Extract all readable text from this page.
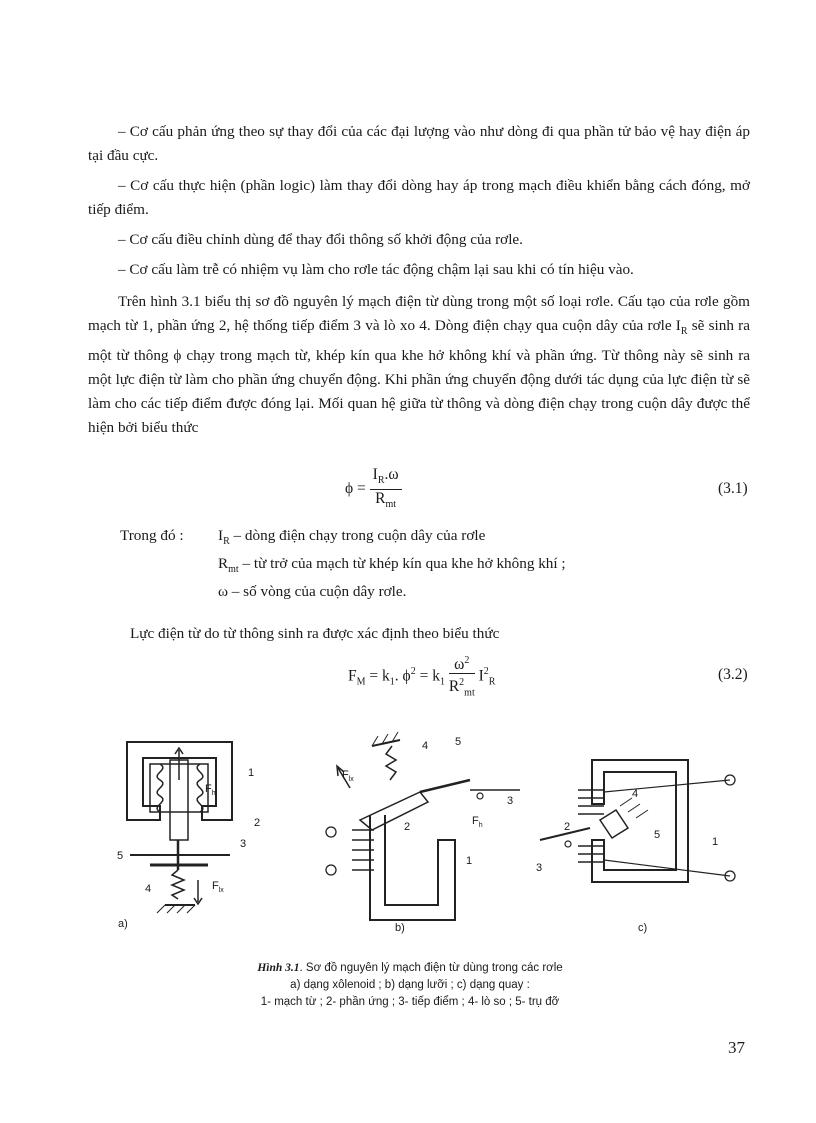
– Cơ cấu phản ứng theo sự thay đổi của các đại lượng vào như dòng đi qua phần tử bảo vệ hay điện áp tại đầu cực.

– Cơ cấu thực hiện (phần logic) làm thay đổi dòng hay áp trong mạch điều khiển bằng cách đóng, mở tiếp điểm.

– Cơ cấu điều chỉnh dùng để thay đổi thông số khởi động của rơle.

– Cơ cấu làm trễ có nhiệm vụ làm cho rơle tác động chậm lại sau khi có tín hiệu vào.

Trên hình 3.1 biểu thị sơ đồ nguyên lý mạch điện từ dùng trong một số loại rơle. Cấu tạo của rơle gồm mạch từ 1, phần ứng 2, hệ thống tiếp điểm 3 và lò xo 4. Dòng điện chạy qua cuộn dây của rơle $I_R$ sẽ sinh ra một từ thông ϕ chạy trong mạch từ, khép kín qua khe hở không khí và phần ứng. Từ thông này sẽ sinh ra một lực điện từ làm cho phần ứng chuyển động. Khi phần ứng chuyển động dưới tác dụng của lực điện từ sẽ làm cho các tiếp điểm được đóng lại. Mối quan hệ giữa từ thông và dòng điện chạy trong cuộn dây được thể hiện bởi biểu thức

$\phi = \frac{I_R.\omega}{R_{mt}}$	(3.1)
Trong đó : $I_R$ – dòng điện chạy trong cuộn dây của rơle
$R_{mt}$ – từ trở của mạch từ khép kín qua khe hở không khí ;
ω – số vòng của cuộn dây rơle.

Lực điện từ do từ thông sinh ra được xác định theo biểu thức

$F_M = k_1$. $\phi^2 = k_1 \frac{\omega^2}{R^2_{mt}} I^2_R$	(3.2)
1
2
3
5
4
$F_h$
$F_{lx}$
a)
4 5
3
2
1
$F_{lx}$
$F_h$
b)
4
5
2
3
1
c)
Hình 3.1. Sơ đồ nguyên lý mạch điện từ dùng trong các rơle
a) dạng xôlenoid ; b) dạng lưỡi ; c) dạng quay :
1- mạch từ ; 2- phần ứng ; 3- tiếp điểm ; 4- lò so ; 5- trụ đỡ
37
